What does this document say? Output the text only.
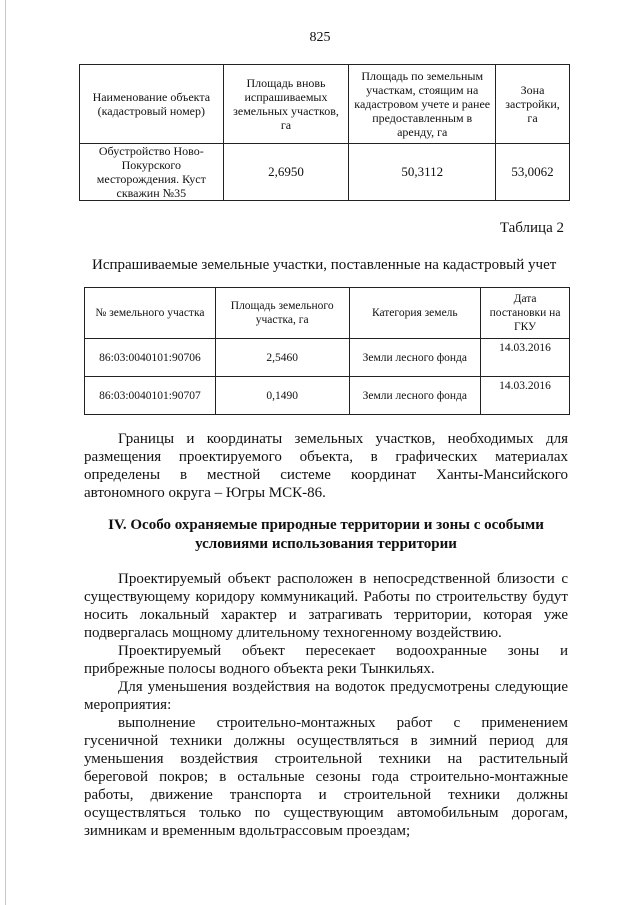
825
Наименование объекта (кадастровый номер)	Площадь вновь испрашиваемых земельных участков, га	Площадь по земельным участкам, стоящим на кадастровом учете и ранее предоставленным в аренду, га	Зона застройки, га
Обустройство Ново-Покурского месторождения. Куст скважин №35	2,6950	50,3112	53,0062
Таблица 2
Испрашиваемые земельные участки, поставленные на кадастровый учет
№ земельного участка	Площадь земельного участка, га	Категория земель	Дата постановки на ГКУ
86:03:0040101:90706	2,5460	Земли лесного фонда	14.03.2016
86:03:0040101:90707	0,1490	Земли лесного фонда	14.03.2016
Границы и координаты земельных участков, необходимых для
размещения проектируемого объекта, в графических материалах
определены в местной системе координат Ханты-Мансийского
автономного округа – Югры МСК-86.
IV. Особо охраняемые природные территории и зоны с особыми
условиями использования территории
Проектируемый объект расположен в непосредственной близости с
существующему коридору коммуникаций. Работы по строительству будут
носить локальный характер и затрагивать территории, которая уже
подвергалась мощному длительному техногенному воздействию.
Проектируемый объект пересекает водоохранные зоны и
прибрежные полосы водного объекта реки Тынкильях.
Для уменьшения воздействия на водоток предусмотрены следующие
мероприятия:
выполнение строительно-монтажных работ с применением
гусеничной техники должны осуществляться в зимний период для
уменьшения воздействия строительной техники на растительный
береговой покров; в остальные сезоны года строительно-монтажные
работы, движение транспорта и строительной техники должны
осуществляться только по существующим автомобильным дорогам,
зимникам и временным вдольтрассовым проездам;
